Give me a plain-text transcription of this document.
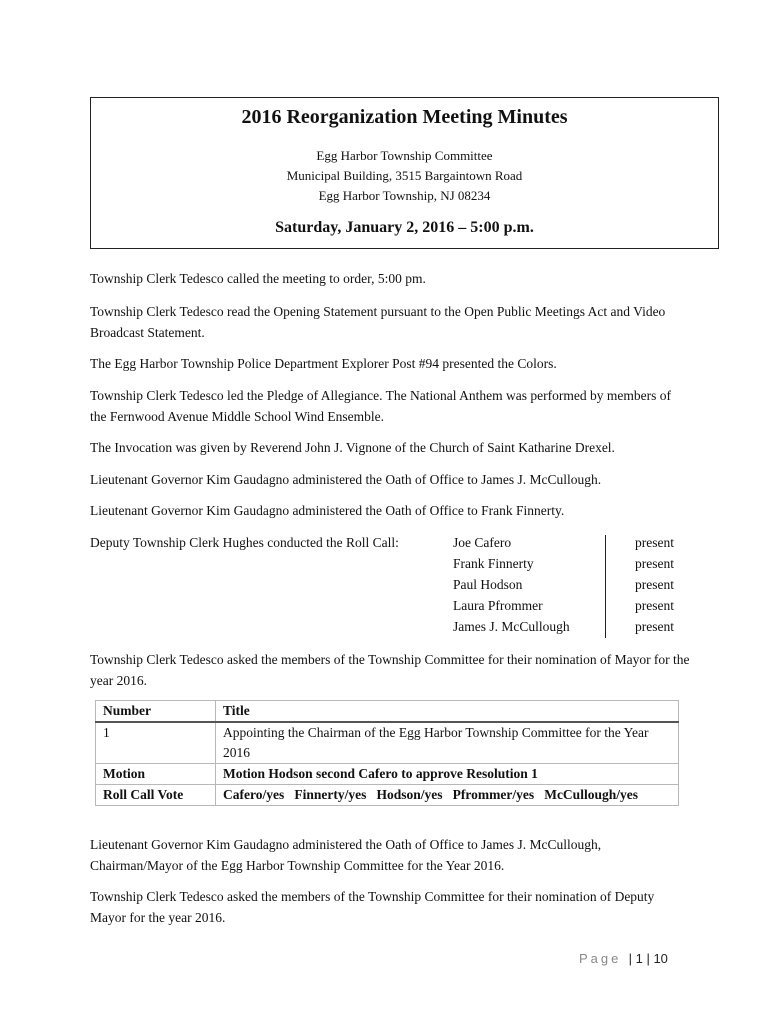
2016 Reorganization Meeting Minutes
Egg Harbor Township Committee
Municipal Building, 3515 Bargaintown Road
Egg Harbor Township, NJ 08234
Saturday, January 2, 2016 – 5:00 p.m.
Township Clerk Tedesco called the meeting to order, 5:00 pm.
Township Clerk Tedesco read the Opening Statement pursuant to the Open Public Meetings Act and Video Broadcast Statement.
The Egg Harbor Township Police Department Explorer Post #94 presented the Colors.
Township Clerk Tedesco led the Pledge of Allegiance. The National Anthem was performed by members of the Fernwood Avenue Middle School Wind Ensemble.
The Invocation was given by Reverend John J. Vignone of the Church of Saint Katharine Drexel.
Lieutenant Governor Kim Gaudagno administered the Oath of Office to James J. McCullough.
Lieutenant Governor Kim Gaudagno administered the Oath of Office to Frank Finnerty.
Deputy Township Clerk Hughes conducted the Roll Call:	Joe Cafero	present
Frank Finnerty	present
Paul Hodson	present
Laura Pfrommer	present
James J. McCullough	present
Township Clerk Tedesco asked the members of the Township Committee for their nomination of Mayor for the year 2016.
Number	Title
1	Appointing the Chairman of the Egg Harbor Township Committee for the Year 2016
Motion	Motion Hodson second Cafero to approve Resolution 1
Roll Call Vote	Cafero/yes   Finnerty/yes   Hodson/yes   Pfrommer/yes   McCullough/yes
Lieutenant Governor Kim Gaudagno administered the Oath of Office to James J. McCullough, Chairman/Mayor of the Egg Harbor Township Committee for the Year 2016.
Township Clerk Tedesco asked the members of the Township Committee for their nomination of Deputy Mayor for the year 2016.
Page  | 1 | 10
